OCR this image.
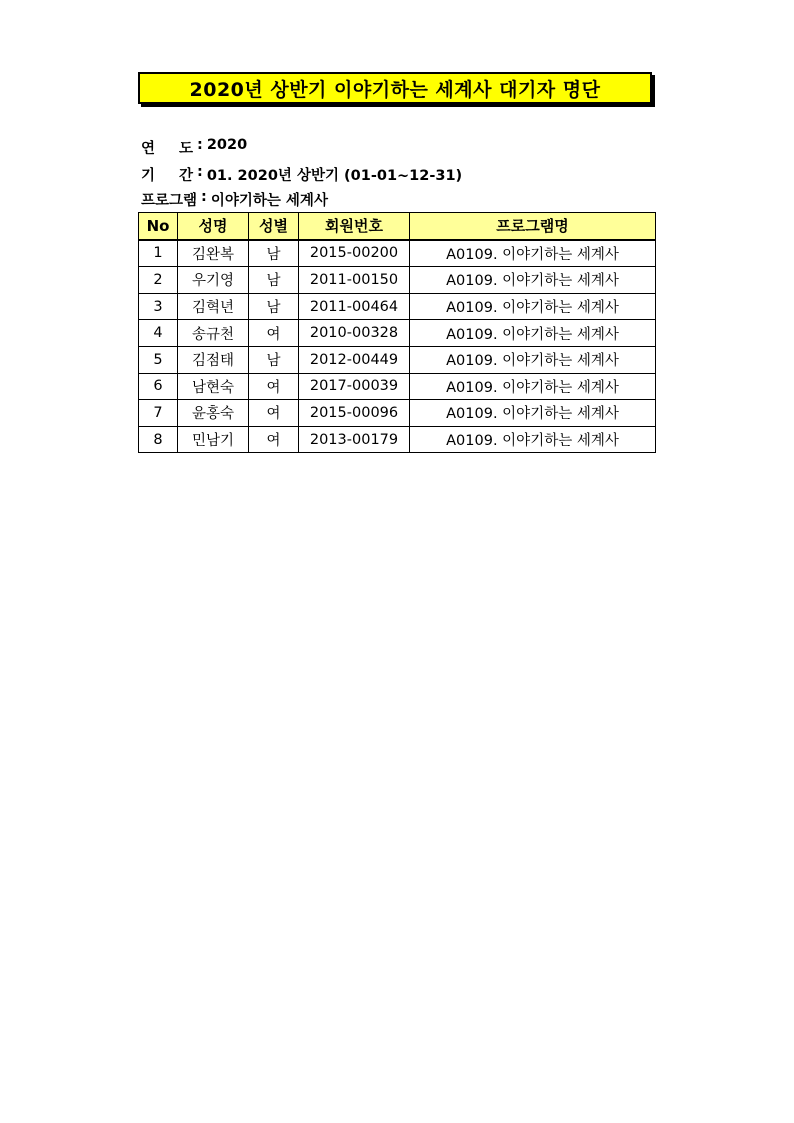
2020년 상반기 이야기하는 세계사 대기자 명단
연 도 : 2020
기 간 : 01. 2020년 상반기 (01-01~12-31)
프로그램 : 이야기하는 세계사
No	성명	성별	회원번호	프로그램명
1	김완복	남	2015-00200	A0109. 이야기하는 세계사
2	우기영	남	2011-00150	A0109. 이야기하는 세계사
3	김혁년	남	2011-00464	A0109. 이야기하는 세계사
4	송규천	여	2010-00328	A0109. 이야기하는 세계사
5	김점태	남	2012-00449	A0109. 이야기하는 세계사
6	남현숙	여	2017-00039	A0109. 이야기하는 세계사
7	윤홍숙	여	2015-00096	A0109. 이야기하는 세계사
8	민남기	여	2013-00179	A0109. 이야기하는 세계사
